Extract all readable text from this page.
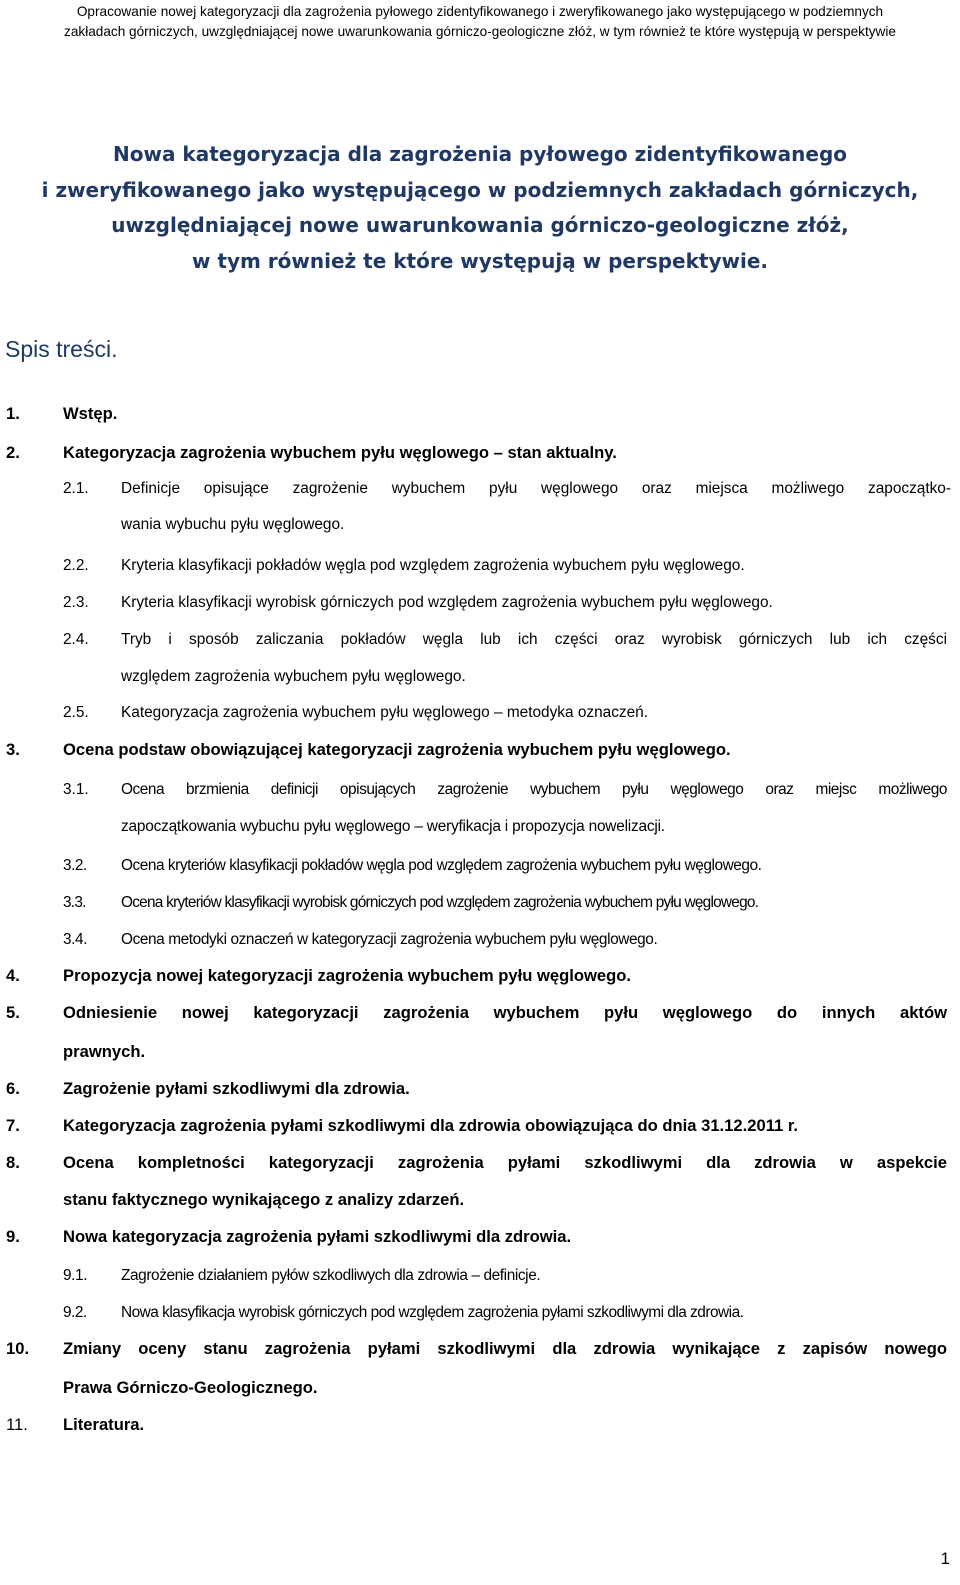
Opracowanie nowej kategoryzacji dla zagrożenia pyłowego zidentyfikowanego i zweryfikowanego jako występującego w podziemnych
zakładach górniczych, uwzględniającej nowe uwarunkowania górniczo-geologiczne złóż, w tym również te które występują w perspektywie
Nowa kategoryzacja dla zagrożenia pyłowego zidentyfikowanego
i zweryfikowanego jako występującego w podziemnych zakładach górniczych,
uwzględniającej nowe uwarunkowania górniczo-geologiczne złóż,
w tym również te które występują w perspektywie.
Spis treści.
1.	Wstęp.
2.	Kategoryzacja zagrożenia wybuchem pyłu węglowego – stan aktualny.
2.1. Definicje opisujące zagrożenie wybuchem pyłu węglowego oraz miejsca możliwego zapoczątko-
wania wybuchu pyłu węglowego.
2.2. Kryteria klasyfikacji pokładów węgla pod względem zagrożenia wybuchem pyłu węglowego.
2.3. Kryteria klasyfikacji wyrobisk górniczych pod względem zagrożenia wybuchem pyłu węglowego.
2.4. Tryb i sposób zaliczania pokładów węgla lub ich części oraz wyrobisk górniczych lub ich części
względem zagrożenia wybuchem pyłu węglowego.
2.5. Kategoryzacja zagrożenia wybuchem pyłu węglowego – metodyka oznaczeń.
3.	Ocena podstaw obowiązującej kategoryzacji zagrożenia wybuchem pyłu węglowego.
3.1. Ocena brzmienia definicji opisujących zagrożenie wybuchem pyłu węglowego oraz miejsc możliwego
zapoczątkowania wybuchu pyłu węglowego – weryfikacja i propozycja nowelizacji.
3.2. Ocena kryteriów klasyfikacji pokładów węgla pod względem zagrożenia wybuchem pyłu węglowego.
3.3. Ocena kryteriów klasyfikacji wyrobisk górniczych pod względem zagrożenia wybuchem pyłu węglowego.
3.4. Ocena metodyki oznaczeń w kategoryzacji zagrożenia wybuchem pyłu węglowego.
4.	Propozycja nowej kategoryzacji zagrożenia wybuchem pyłu węglowego.
5.	Odniesienie nowej kategoryzacji zagrożenia wybuchem pyłu węglowego do innych aktów
prawnych.
6.	Zagrożenie pyłami szkodliwymi dla zdrowia.
7.	Kategoryzacja zagrożenia pyłami szkodliwymi dla zdrowia obowiązująca do dnia 31.12.2011 r.
8.	Ocena kompletności kategoryzacji zagrożenia pyłami szkodliwymi dla zdrowia w aspekcie
stanu faktycznego wynikającego z analizy zdarzeń.
9.	Nowa kategoryzacja zagrożenia pyłami szkodliwymi dla zdrowia.
9.1. Zagrożenie działaniem pyłów szkodliwych dla zdrowia – definicje.
9.2. Nowa klasyfikacja wyrobisk górniczych pod względem zagrożenia pyłami szkodliwymi dla zdrowia.
10. Zmiany oceny stanu zagrożenia pyłami szkodliwymi dla zdrowia wynikające z zapisów nowego
Prawa Górniczo-Geologicznego.
11. Literatura.
1
